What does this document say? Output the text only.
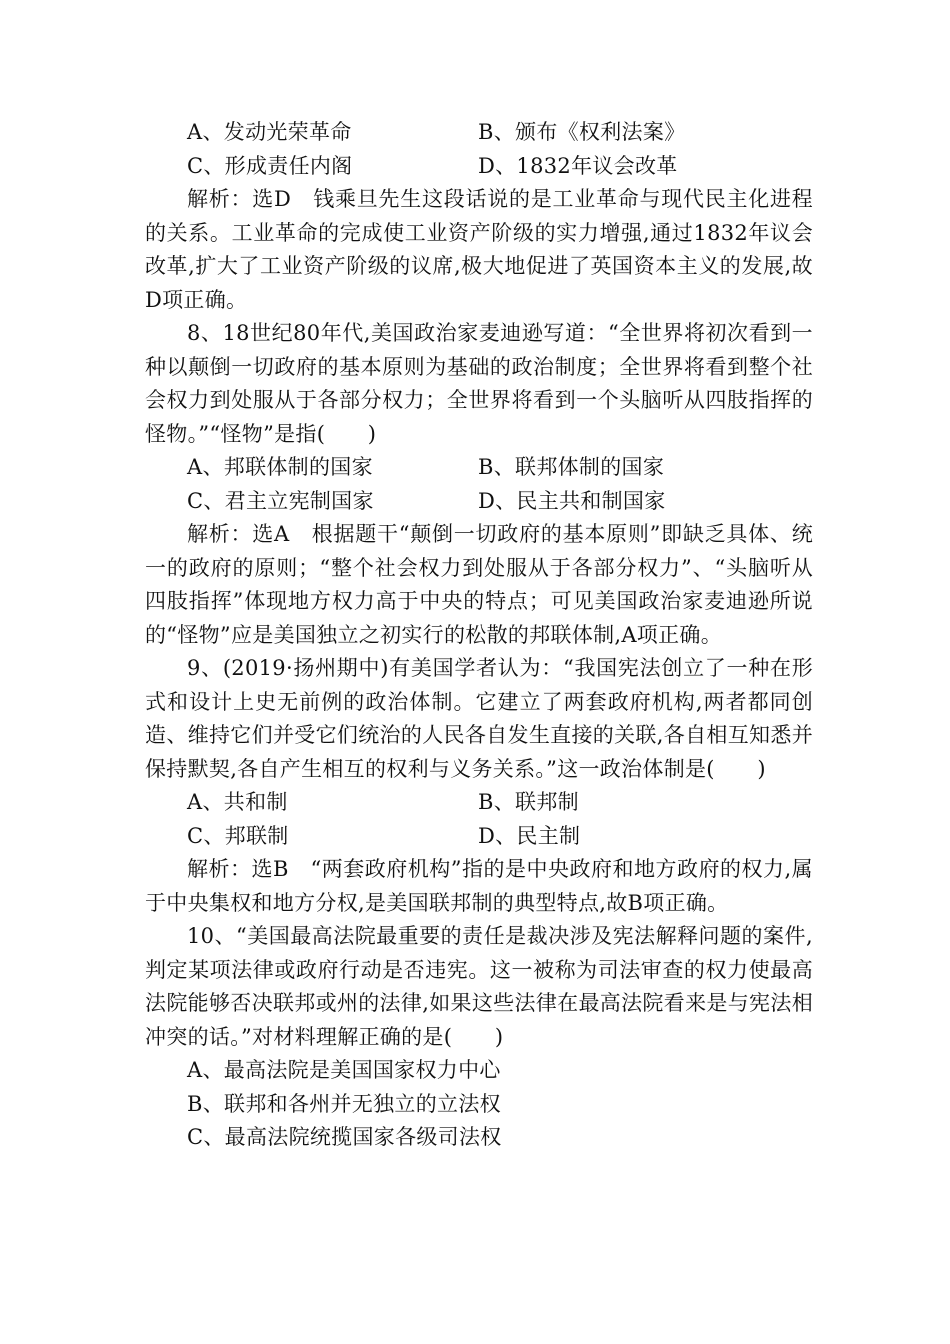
A、发动光荣革命	B、颁布《权利法案》
C、形成责任内阁	D、1832年议会改革

解析：选D　钱乘旦先生这段话说的是工业革命与现代民主化进程的关系。工业革命的完成使工业资产阶级的实力增强,通过1832年议会改革,扩大了工业资产阶级的议席,极大地促进了英国资本主义的发展,故D项正确。

8、18世纪80年代,美国政治家麦迪逊写道：“全世界将初次看到一种以颠倒一切政府的基本原则为基础的政治制度；全世界将看到整个社会权力到处服从于各部分权力；全世界将看到一个头脑听从四肢指挥的怪物。”“怪物”是指(　　)

A、邦联体制的国家	B、联邦体制的国家
C、君主立宪制国家	D、民主共和制国家

解析：选A　根据题干“颠倒一切政府的基本原则”即缺乏具体、统一的政府的原则；“整个社会权力到处服从于各部分权力”、“头脑听从四肢指挥”体现地方权力高于中央的特点；可见美国政治家麦迪逊所说的“怪物”应是美国独立之初实行的松散的邦联体制,A项正确。

9、(2019·扬州期中)有美国学者认为：“我国宪法创立了一种在形式和设计上史无前例的政治体制。它建立了两套政府机构,两者都同创造、维持它们并受它们统治的人民各自发生直接的关联,各自相互知悉并保持默契,各自产生相互的权利与义务关系。”这一政治体制是(　　)

A、共和制	B、联邦制
C、邦联制	D、民主制

解析：选B　“两套政府机构”指的是中央政府和地方政府的权力,属于中央集权和地方分权,是美国联邦制的典型特点,故B项正确。

10、“美国最高法院最重要的责任是裁决涉及宪法解释问题的案件,判定某项法律或政府行动是否违宪。这一被称为司法审查的权力使最高法院能够否决联邦或州的法律,如果这些法律在最高法院看来是与宪法相冲突的话。”对材料理解正确的是(　　)

A、最高法院是美国国家权力中心
B、联邦和各州并无独立的立法权
C、最高法院统揽国家各级司法权
